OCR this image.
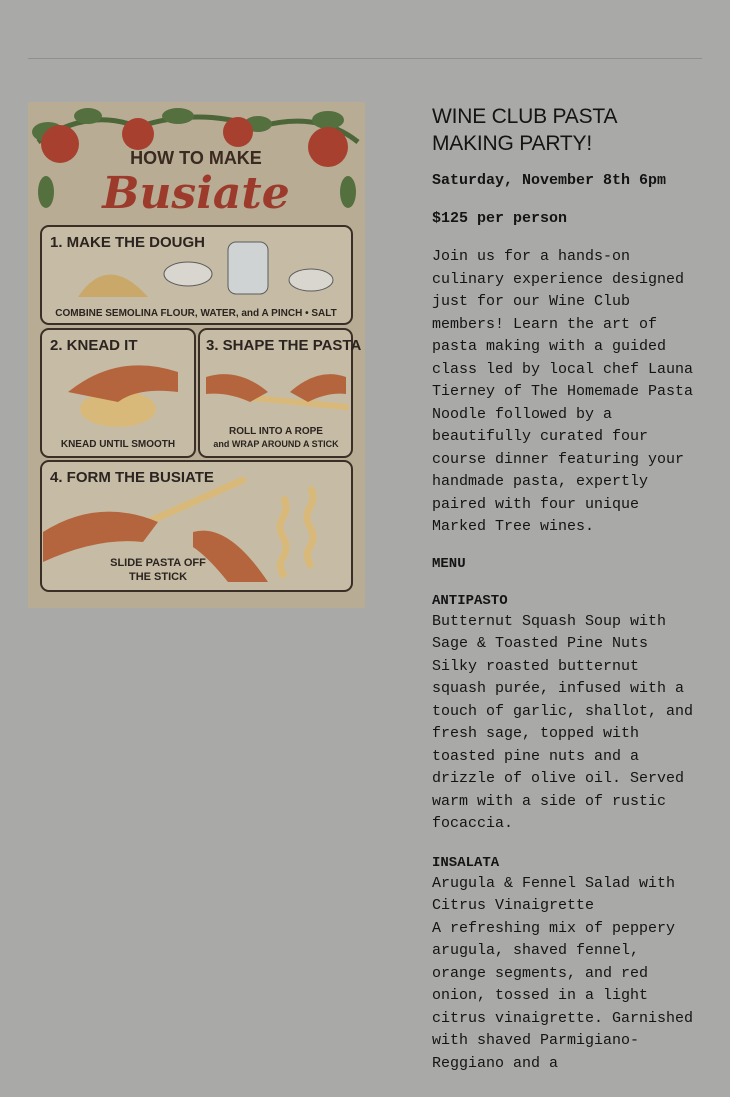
HOW TO MAKE
Busiate
1. MAKE THE DOUGH
COMBINE SEMOLINA FLOUR, WATER, and A PINCH • SALT
2. KNEAD IT
KNEAD UNTIL SMOOTH
3. SHAPE THE PASTA
ROLL INTO A ROPE
and WRAP AROUND A STICK
4. FORM THE BUSIATE
SLIDE PASTA OFF
THE STICK
WINE CLUB PASTA MAKING PARTY!

Saturday, November 8th 6pm

$125 per person

Join us for a hands-on culinary experience designed just for our Wine Club members! Learn the art of pasta making with a guided class led by local chef Launa Tierney of The Homemade Pasta Noodle followed by a beautifully curated four course dinner featuring your handmade pasta, expertly paired with four unique Marked Tree wines.

MENU

ANTIPASTO

Butternut Squash Soup with Sage & Toasted Pine Nuts Silky roasted butternut squash purée, infused with a touch of garlic, shallot, and fresh sage, topped with toasted pine nuts and a drizzle of olive oil. Served warm with a side of rustic focaccia.

INSALATA

Arugula & Fennel Salad with Citrus Vinaigrette
A refreshing mix of peppery arugula, shaved fennel, orange segments, and red onion, tossed in a light citrus vinaigrette. Garnished with shaved Parmigiano-Reggiano and a
